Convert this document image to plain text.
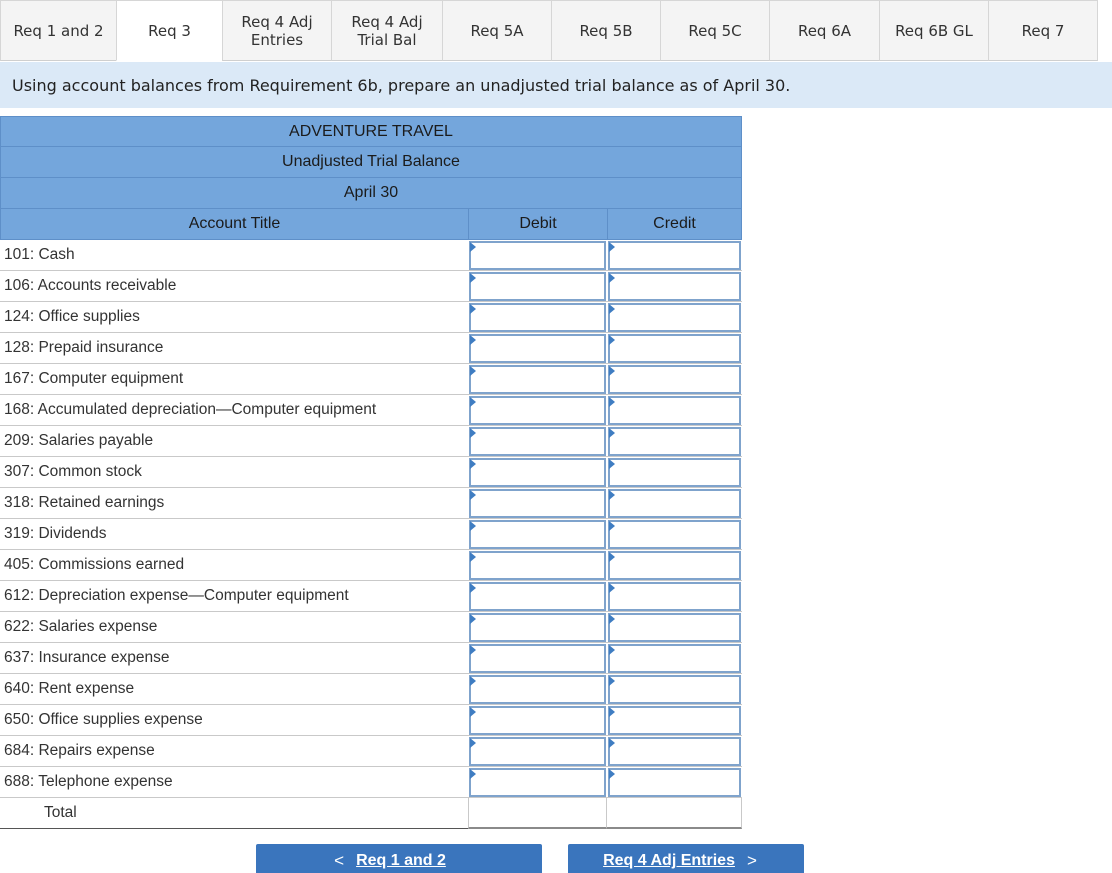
Req 1 and 2	Req 3	Req 4 Adj Entries
Req 4 Adj Trial Bal	Req 5A	Req 5B	Req 5C	Req 6A	Req 6B GL	Req 7
Using account balances from Requirement 6b, prepare an unadjusted trial balance as of April 30.
ADVENTURE TRAVEL
Unadjusted Trial Balance
April 30
Account Title	Debit	Credit
101: Cash
106: Accounts receivable
124: Office supplies
128: Prepaid insurance
167: Computer equipment
168: Accumulated depreciation—Computer equipment
209: Salaries payable
307: Common stock
318: Retained earnings
319: Dividends
405: Commissions earned
612: Depreciation expense—Computer equipment
622: Salaries expense
637: Insurance expense
640: Rent expense
650: Office supplies expense
684: Repairs expense
688: Telephone expense
Total
< Req 1 and 2	Req 4 Adj Entries >
